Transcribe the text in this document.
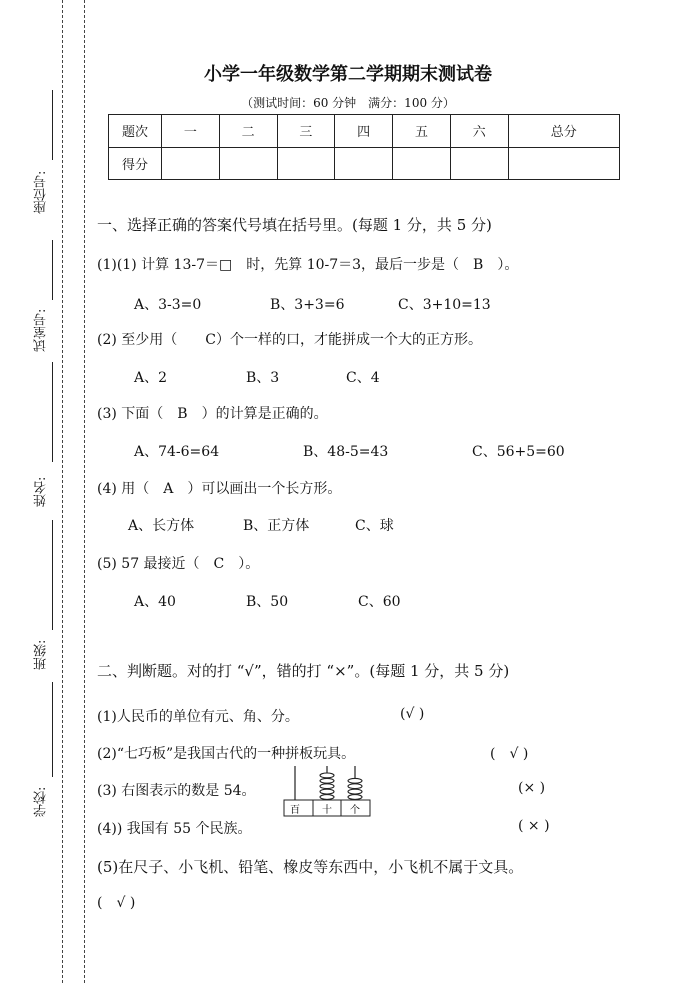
座位号:
试室号:
姓名:
班级:
学校:
小学一年级数学第二学期期末测试卷
（测试时间：60 分钟　满分：100 分）
题次	一	二	三	四	五	六	总分
得分							
一、选择正确的答案代号填在括号里。(每题 1 分，共 5 分)
(1)(1) 计算 13-7＝□　时，先算 10-7＝3，最后一步是（　B　）。
A、3-3=0	B、3+3=6	C、3+10=13
(2) 至少用（　　C）个一样的口，才能拼成一个大的正方形。
A、2	B、3	C、4
(3) 下面（　B　）的计算是正确的。
A、74-6=64	B、48-5=43	C、56+5=60
(4) 用（　A　）可以画出一个长方形。
A、长方体	B、正方体	C、球
(5) 57 最接近（　C　）。
A、40	B、50	C、60
二、判断题。对的打 “√”，错的打 “×”。(每题 1 分，共 5 分)
(1)人民币的单位有元、角、分。	(√ )
(2)“七巧板”是我国古代的一种拼板玩具。	(　√ )
(3) 右图表示的数是 54。	(× )
百 十 个
(4)) 我国有 55 个民族。	( × )
(5)在尺子、小飞机、铅笔、橡皮等东西中，小飞机不属于文具。
(　√ )
